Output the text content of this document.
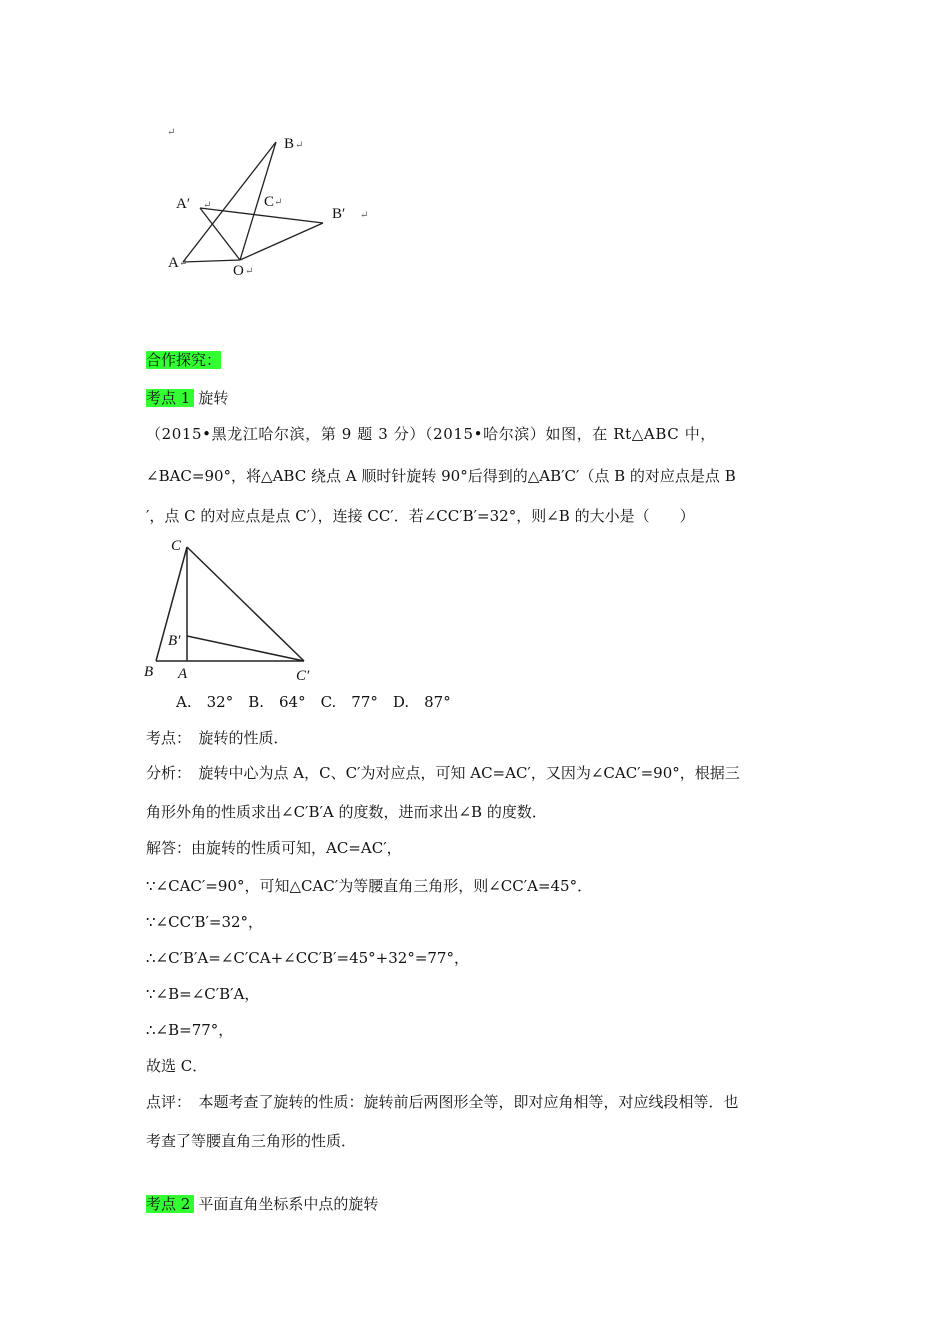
↵
B ↵
A′ ↵	C ↵
B′ ↵
A ↵	O ↵
合作探究：
考点 1 旋转
（2015•黑龙江哈尔滨，第 9 题 3 分）（2015•哈尔滨）如图，在 Rt△ABC 中，
∠BAC=90°，将△ABC 绕点 A 顺时针旋转 90°后得到的△AB′C′（点 B 的对应点是点 B
′，点 C 的对应点是点 C′），连接 CC′．若∠CC′B′=32°，则∠B 的大小是（　　）
C
B′
B A	C′
A.　32°　B.　64°　C.　77°　D.　87°
考点：　旋转的性质．
分析：　旋转中心为点 A，C、C′为对应点，可知 AC=AC′，又因为∠CAC′=90°，根据三
角形外角的性质求出∠C′B′A 的度数，进而求出∠B 的度数．
解答：由旋转的性质可知，AC=AC′，
∵∠CAC′=90°，可知△CAC′为等腰直角三角形，则∠CC′A=45°．
∵∠CC′B′=32°，
∴∠C′B′A=∠C′CA+∠CC′B′=45°+32°=77°，
∵∠B=∠C′B′A，
∴∠B=77°，
故选 C．
点评：　本题考查了旋转的性质：旋转前后两图形全等，即对应角相等，对应线段相等．也
考查了等腰直角三角形的性质．
考点 2 平面直角坐标系中点的旋转
